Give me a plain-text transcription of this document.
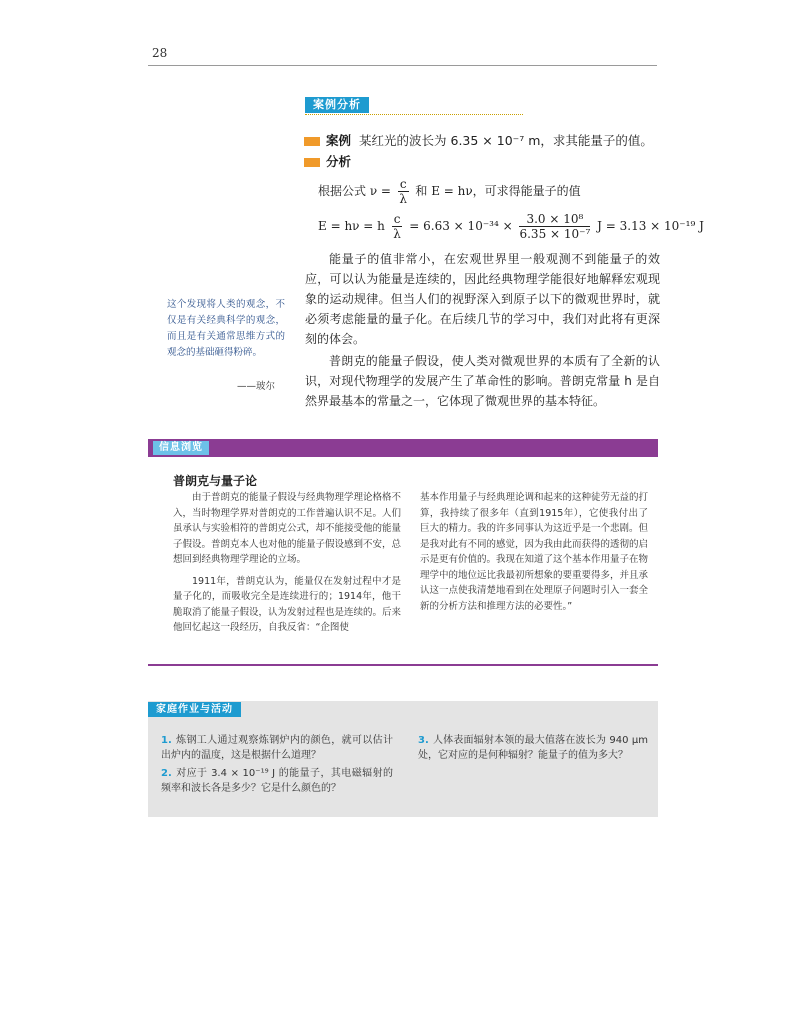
28
案例分析
案例 某红光的波长为 6.35 × 10⁻⁷ m，求其能量子的值。
分析
根据公式 $\nu = \frac{c}{\lambda}$ 和 E = hν，可求得能量子的值
E = hν = h $\frac{c}{\lambda} = 6.63 \times 10^{-34} \times \frac{\text{3.0 × 10⁸}}{\text{6.35 × 10⁻⁷}}$ J = 3.13 × 10⁻¹⁹ J
能量子的值非常小，在宏观世界里一般观测不到能量子的效应，可以认为能量是连续的，因此经典物理学能很好地解释宏观现象的运动规律。但当人们的视野深入到原子以下的微观世界时，就必须考虑能量的量子化。在后续几节的学习中，我们对此将有更深刻的体会。
普朗克的能量子假设，使人类对微观世界的本质有了全新的认识，对现代物理学的发展产生了革命性的影响。普朗克常量 h 是自然界最基本的常量之一，它体现了微观世界的基本特征。
这个发现将人类的观念，不仅是有关经典科学的观念，而且是有关通常思维方式的观念的基础砸得粉碎。
——玻尔
信息浏览
普朗克与量子论

由于普朗克的能量子假设与经典物理学理论格格不入，当时物理学界对普朗克的工作普遍认识不足。人们虽承认与实验相符的普朗克公式，却不能接受他的能量子假设。普朗克本人也对他的能量子假设感到不安，总想回到经典物理学理论的立场。

1911年，普朗克认为，能量仅在发射过程中才是量子化的，而吸收完全是连续进行的；1914年，他干脆取消了能量子假设，认为发射过程也是连续的。后来他回忆起这一段经历，自我反省：“企图使

基本作用量子与经典理论调和起来的这种徒劳无益的打算，我持续了很多年（直到1915年），它使我付出了巨大的精力。我的许多同事认为这近乎是一个悲剧。但是我对此有不同的感觉，因为我由此而获得的透彻的启示是更有价值的。我现在知道了这个基本作用量子在物理学中的地位远比我最初所想象的要重要得多，并且承认这一点使我清楚地看到在处理原子问题时引入一套全新的分析方法和推理方法的必要性。”

家庭作业与活动
1. 炼钢工人通过观察炼钢炉内的颜色，就可以估计出炉内的温度，这是根据什么道理？
2. 对应于 3.4 × 10⁻¹⁹ J 的能量子，其电磁辐射的频率和波长各是多少？它是什么颜色的？
3. 人体表面辐射本领的最大值落在波长为 940 μm处，它对应的是何种辐射？能量子的值为多大？
